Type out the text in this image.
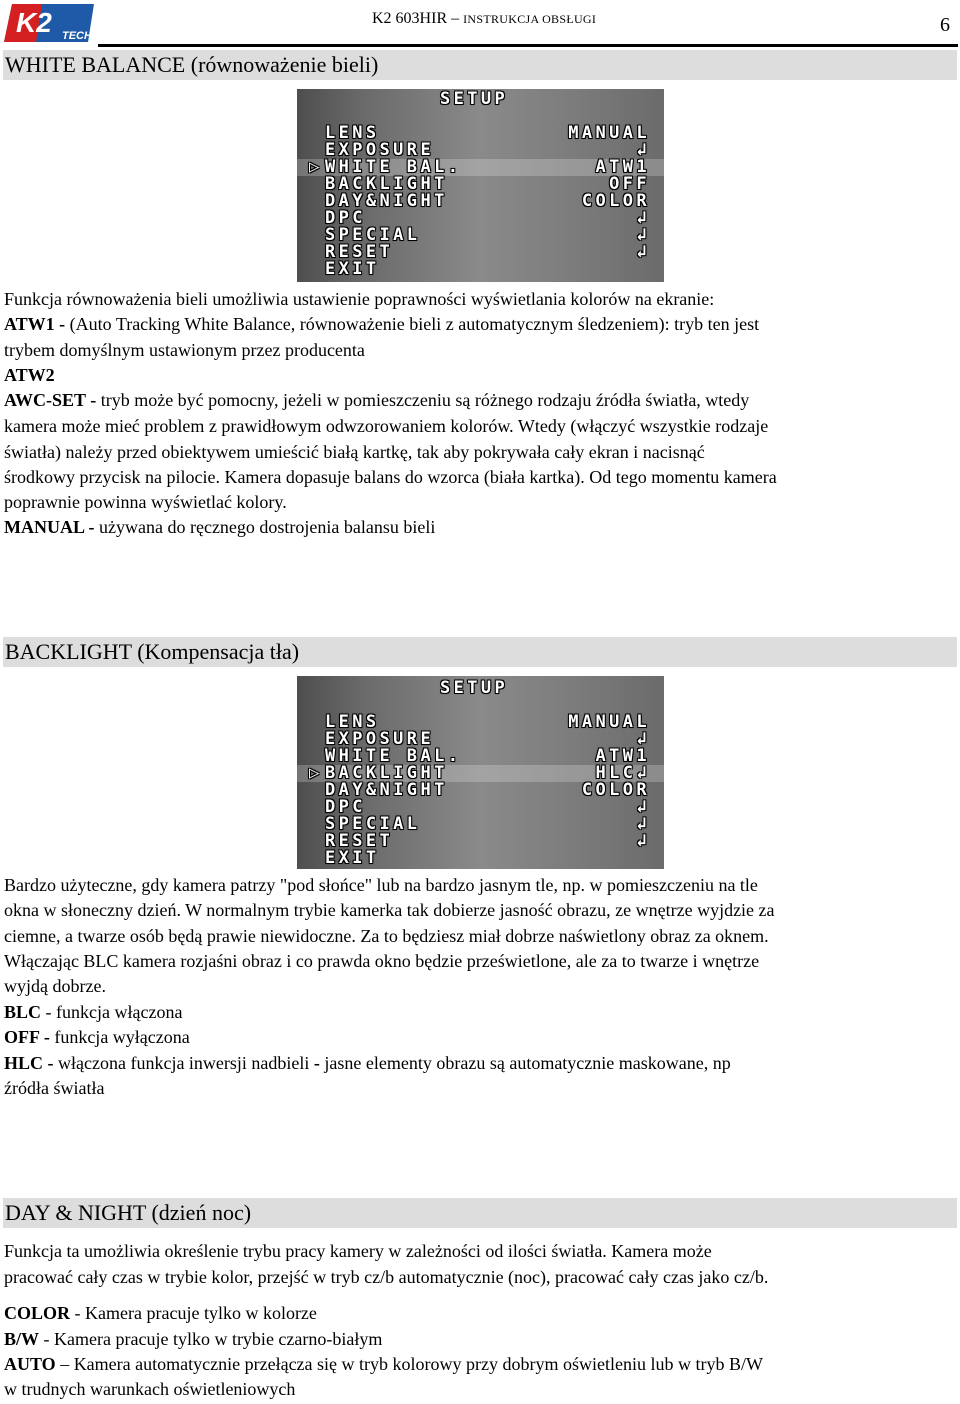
K2 TECH
K2 603HIR – INSTRUKCJA OBSŁUGI	6
WHITE BALANCE (równoważenie bieli)
SETUP
▷
LENS
EXPOSURE
WHITE BAL.
BACKLIGHT
DAY&NIGHT
DPC
SPECIAL
RESET
EXIT
MANUAL
↲
ATW1
OFF
COLOR
↲
↲
↲
Funkcja równoważenia bieli umożliwia ustawienie poprawności wyświetlania kolorów na ekranie:
ATW1 - (Auto Tracking White Balance, równoważenie bieli z automatycznym śledzeniem): tryb ten jest
trybem domyślnym ustawionym przez producenta
ATW2
AWC-SET - tryb może być pomocny, jeżeli w pomieszczeniu są różnego rodzaju źródła światła, wtedy
kamera może mieć problem z prawidłowym odwzorowaniem kolorów. Wtedy (włączyć wszystkie rodzaje
światła) należy przed obiektywem umieścić białą kartkę, tak aby pokrywała cały ekran i nacisnąć
środkowy przycisk na pilocie. Kamera dopasuje balans do wzorca (biała kartka). Od tego momentu kamera
poprawnie powinna wyświetlać kolory.
MANUAL - używana do ręcznego dostrojenia balansu bieli
BACKLIGHT (Kompensacja tła)
SETUP
▷
LENS
EXPOSURE
WHITE BAL.
BACKLIGHT
DAY&NIGHT
DPC
SPECIAL
RESET
EXIT
MANUAL
↲
ATW1
HLC↲
COLOR
↲
↲
↲
Bardzo użyteczne, gdy kamera patrzy "pod słońce" lub na bardzo jasnym tle, np. w pomieszczeniu na tle
okna w słoneczny dzień. W normalnym trybie kamerka tak dobierze jasność obrazu, ze wnętrze wyjdzie za
ciemne, a twarze osób będą prawie niewidoczne. Za to będziesz miał dobrze naświetlony obraz za oknem.
Włączając BLC kamera rozjaśni obraz i co prawda okno będzie prześwietlone, ale za to twarze i wnętrze
wyjdą dobrze.
BLC - funkcja włączona
OFF - funkcja wyłączona
HLC - włączona funkcja inwersji nadbieli - jasne elementy obrazu są automatycznie maskowane, np
źródła światła
DAY & NIGHT (dzień noc)
Funkcja ta umożliwia określenie trybu pracy kamery w zależności od ilości światła. Kamera może
pracować cały czas w trybie kolor, przejść w tryb cz/b automatycznie (noc), pracować cały czas jako cz/b.
COLOR - Kamera pracuje tylko w kolorze
B/W - Kamera pracuje tylko w trybie czarno-białym
AUTO – Kamera automatycznie przełącza się w tryb kolorowy przy dobrym oświetleniu lub w tryb B/W
w trudnych warunkach oświetleniowych
